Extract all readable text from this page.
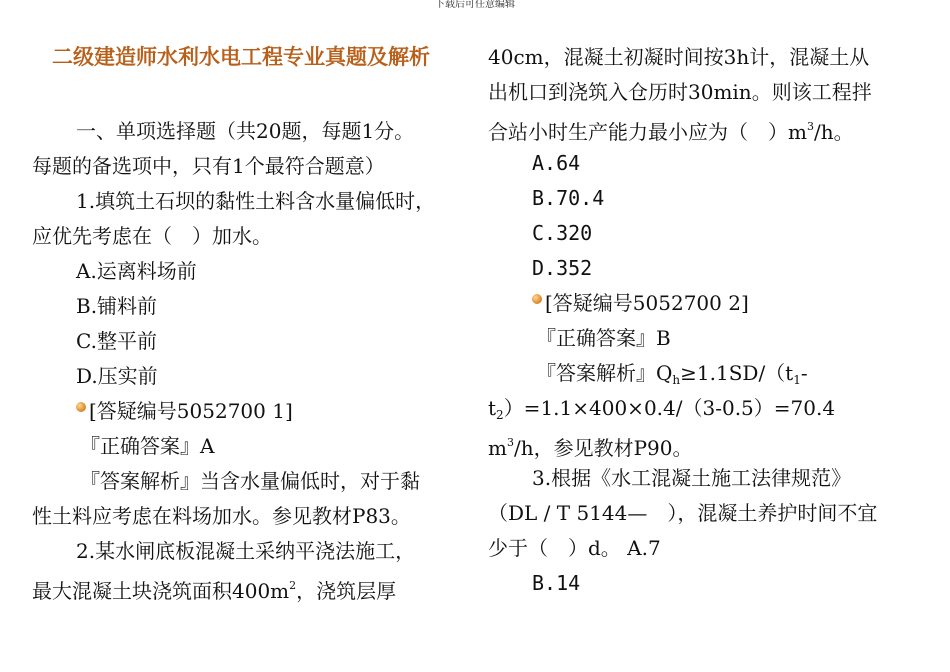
下载后可任意编辑
二级建造师水利水电工程专业真题及解析
一、单项选择题（共20题，每题1分。
每题的备选项中，只有1个最符合题意）
1.填筑土石坝的黏性土料含水量偏低时，
应优先考虑在（　）加水。
A.运离料场前
B.铺料前
C.整平前
D.压实前
[答疑编号5052700 1]
『正确答案』A
『答案解析』当含水量偏低时，对于黏
性土料应考虑在料场加水。参见教材P83。
2.某水闸底板混凝土采纳平浇法施工，
最大混凝土块浇筑面积$400m^2$，浇筑层厚
40cm，混凝土初凝时间按3h计，混凝土从
出机口到浇筑入仓历时30min。则该工程拌
合站小时生产能力最小应为（　）$m^3/h$。
A.64
B.70.4
C.320
D.352
[答疑编号5052700 2]
『正确答案』B
『答案解析』$Q_h\ge 1.1SD/(t_1-$
$t_2)=1.1\times 400\times 0.4/(3-0.5)=70.4$
$m^3/h$，参见教材P90。
3.根据《水工混凝土施工法律规范》
（DL / T 5144—　），混凝土养护时间不宜
少于（　）d。 A.7
B.14
